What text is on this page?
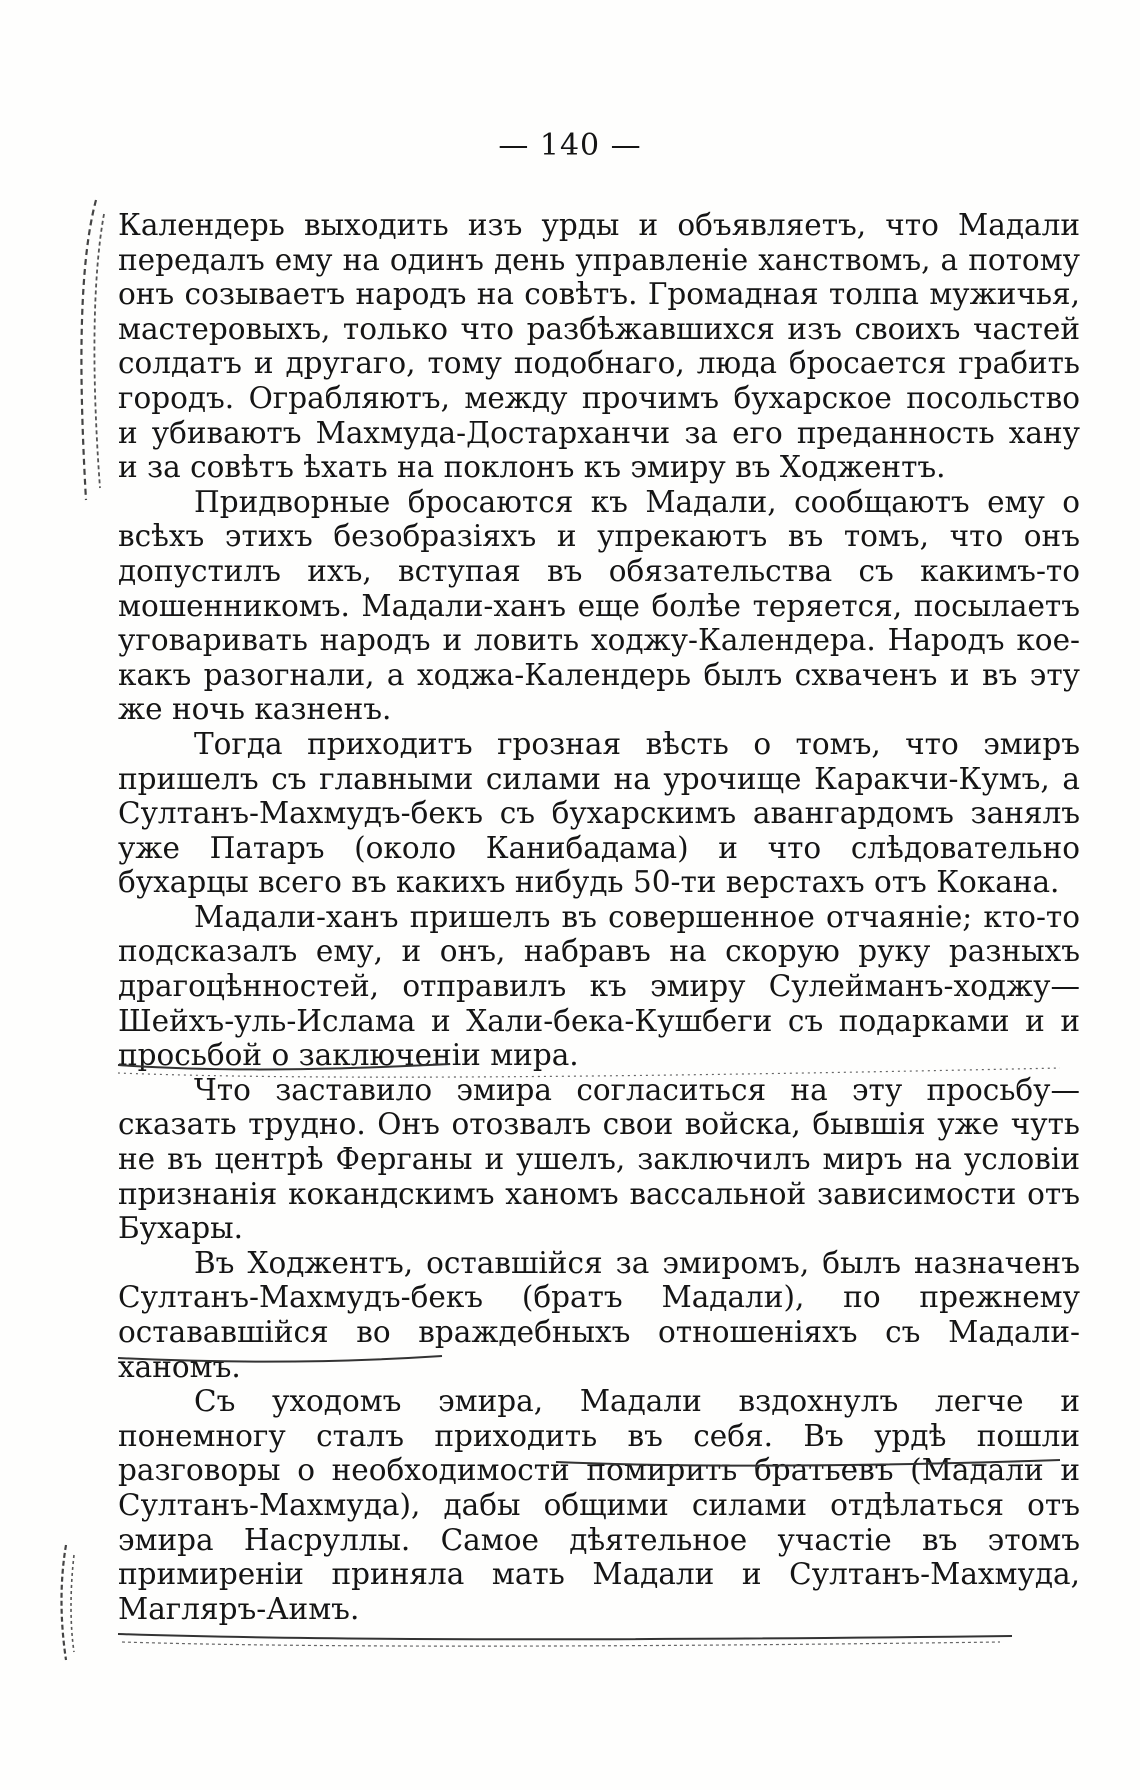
— 140 —

Календерь выходить изъ урды и объявляетъ, что Мадали передалъ ему на одинъ день управленіе ханствомъ, а потому онъ созываетъ народъ на совѣтъ. Громадная толпа мужичья, мастеровыхъ, только что разбѣжавшихся изъ своихъ частей солдатъ и другаго, тому подобнаго, люда бросается грабить городъ. Ограбляютъ, между прочимъ бухарское посольство и убиваютъ Махмуда-Достарханчи за его преданность хану и за совѣтъ ѣхать на поклонъ къ эмиру въ Ходжентъ.

Придворные бросаются къ Мадали, сообщаютъ ему о всѣхъ этихъ безобразіяхъ и упрекаютъ въ томъ, что онъ допустилъ ихъ, вступая въ обязательства съ какимъ-то мошенникомъ. Мадали-ханъ еще болѣе теряется, посылаетъ уговаривать народъ и ловить ходжу-Календера. Народъ кое-какъ разогнали, а ходжа-Календерь былъ схваченъ и въ эту же ночь казненъ.

Тогда приходитъ грозная вѣсть о томъ, что эмиръ пришелъ съ главными силами на урочище Каракчи-Кумъ, а Султанъ-Махмудъ-бекъ съ бухарскимъ авангардомъ занялъ уже Патаръ (около Канибадама) и что слѣдовательно бухарцы всего въ какихъ нибудь 50-ти верстахъ отъ Кокана.

Мадали-ханъ пришелъ въ совершенное отчаяніе; кто-то подсказалъ ему, и онъ, набравъ на скорую руку разныхъ драгоцѣнностей, отправилъ къ эмиру Сулейманъ-ходжу— Шейхъ-уль-Ислама и Хали-бека-Кушбеги съ подарками и и просьбой о заключеніи мира.

Что заставило эмира согласиться на эту просьбу— сказать трудно. Онъ отозвалъ свои войска, бывшія уже чуть не въ центрѣ Ферганы и ушелъ, заключилъ миръ на условіи признанія кокандскимъ ханомъ вассальной зависимости отъ Бухары.

Въ Ходжентъ, оставшійся за эмиромъ, былъ назначенъ Султанъ-Махмудъ-бекъ (братъ Мадали), по прежнему остававшійся во враждебныхъ отношеніяхъ съ Мадали-ханомъ.

Съ уходомъ эмира, Мадали вздохнулъ легче и понемногу сталъ приходить въ себя. Въ урдѣ пошли разговоры о необходимости помирить братьевъ (Мадали и Султанъ-Махмуда), дабы общими силами отдѣлаться отъ эмира Насруллы. Самое дѣятельное участіе въ этомъ примиреніи приняла мать Мадали и Султанъ-Махмуда, Магляръ-Аимъ.
